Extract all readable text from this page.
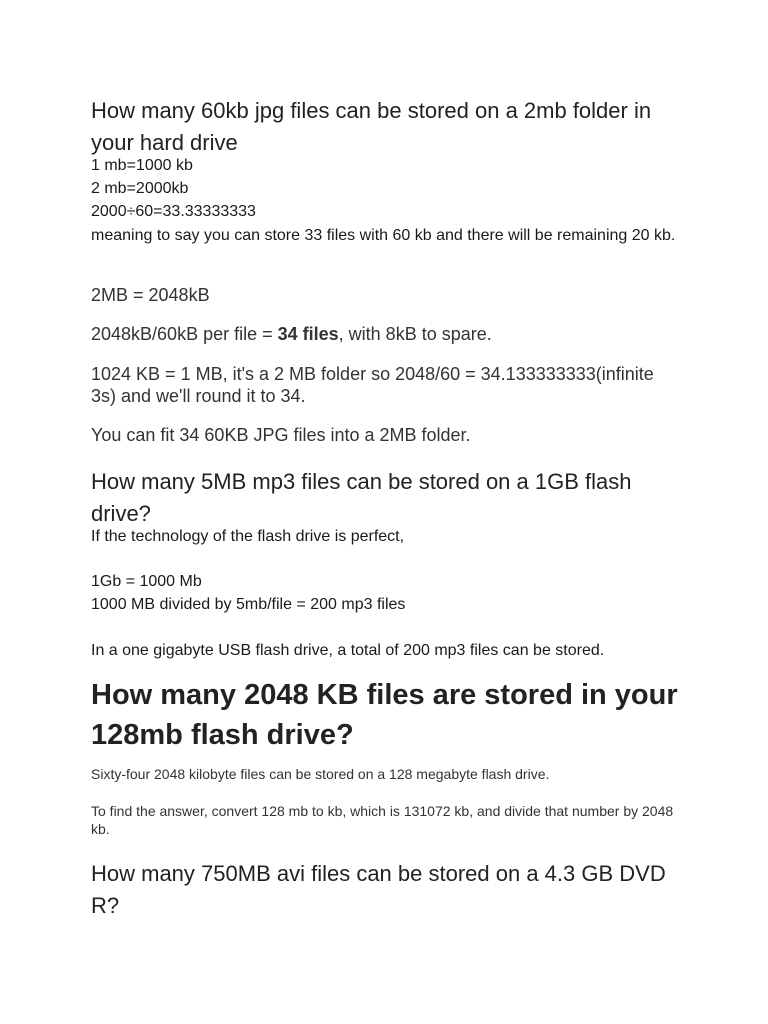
How many 60kb jpg files can be stored on a 2mb folder in your hard drive
1 mb=1000 kb
2 mb=2000kb
2000÷60=33.33333333
meaning to say you can store 33 files with 60 kb and there will be remaining 20 kb.

2MB = 2048kB

2048kB/60kB per file = 34 files, with 8kB to spare.

1024 KB = 1 MB, it's a 2 MB folder so 2048/60 = 34.133333333(infinite 3s) and we'll round it to 34.

You can fit 34 60KB JPG files into a 2MB folder.

How many 5MB mp3 files can be stored on a 1GB flash drive?
If the technology of the flash drive is perfect,
1Gb = 1000 Mb
1000 MB divided by 5mb/file = 200 mp3 files
In a one gigabyte USB flash drive, a total of 200 mp3 files can be stored.
How many 2048 KB files are stored in your 128mb flash drive?

Sixty-four 2048 kilobyte files can be stored on a 128 megabyte flash drive.

To find the answer, convert 128 mb to kb, which is 131072 kb, and divide that number by 2048 kb.

How many 750MB avi files can be stored on a 4.3 GB DVD R?
